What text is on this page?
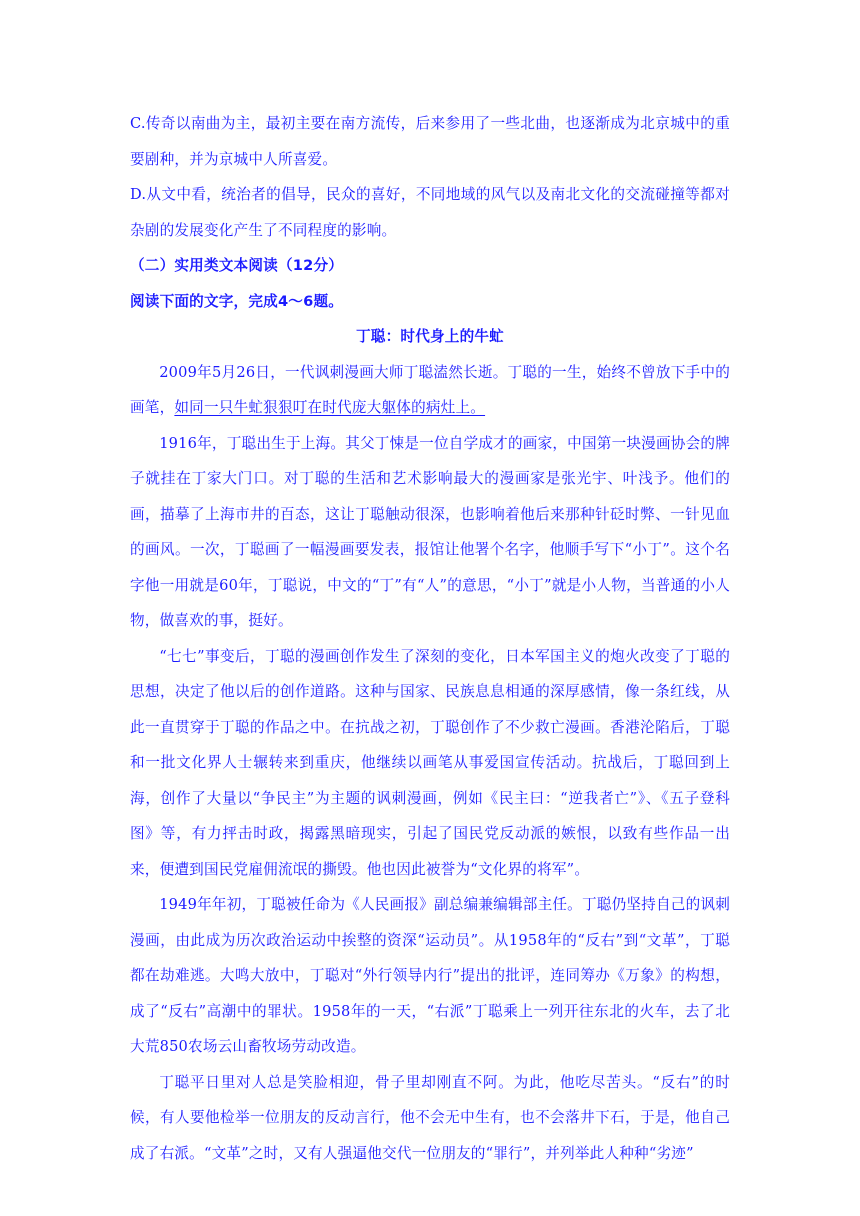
C.传奇以南曲为主，最初主要在南方流传，后来参用了一些北曲，也逐渐成为北京城中的重要剧种，并为京城中人所喜爱。

D.从文中看，统治者的倡导，民众的喜好，不同地域的风气以及南北文化的交流碰撞等都对杂剧的发展变化产生了不同程度的影响。

（二）实用类文本阅读（12分）

阅读下面的文字，完成4～6题。

丁聪：时代身上的牛虻

2009年5月26日，一代讽刺漫画大师丁聪溘然长逝。丁聪的一生，始终不曾放下手中的画笔，如同一只牛虻狠狠叮在时代庞大躯体的病灶上。

1916年，丁聪出生于上海。其父丁悚是一位自学成才的画家，中国第一块漫画协会的牌子就挂在丁家大门口。对丁聪的生活和艺术影响最大的漫画家是张光宇、叶浅予。他们的画，描摹了上海市井的百态，这让丁聪触动很深，也影响着他后来那种针砭时弊、一针见血的画风。一次，丁聪画了一幅漫画要发表，报馆让他署个名字，他顺手写下“小丁”。这个名字他一用就是60年，丁聪说，中文的“丁”有“人”的意思，“小丁”就是小人物，当普通的小人物，做喜欢的事，挺好。

“七七”事变后，丁聪的漫画创作发生了深刻的变化，日本军国主义的炮火改变了丁聪的思想，决定了他以后的创作道路。这种与国家、民族息息相通的深厚感情，像一条红线，从此一直贯穿于丁聪的作品之中。在抗战之初，丁聪创作了不少救亡漫画。香港沦陷后，丁聪和一批文化界人士辗转来到重庆，他继续以画笔从事爱国宣传活动。抗战后，丁聪回到上海，创作了大量以“争民主”为主题的讽刺漫画，例如《民主曰：“逆我者亡”》、《五子登科图》等，有力抨击时政，揭露黑暗现实，引起了国民党反动派的嫉恨，以致有些作品一出来，便遭到国民党雇佣流氓的撕毁。他也因此被誉为“文化界的将军”。

1949年年初，丁聪被任命为《人民画报》副总编兼编辑部主任。丁聪仍坚持自己的讽刺漫画，由此成为历次政治运动中挨整的资深“运动员”。从1958年的“反右”到“文革”，丁聪都在劫难逃。大鸣大放中，丁聪对“外行领导内行”提出的批评，连同筹办《万象》的构想，成了“反右”高潮中的罪状。1958年的一天，“右派”丁聪乘上一列开往东北的火车，去了北大荒850农场云山畜牧场劳动改造。

丁聪平日里对人总是笑脸相迎，骨子里却刚直不阿。为此，他吃尽苦头。“反右”的时候，有人要他检举一位朋友的反动言行，他不会无中生有，也不会落井下石，于是，他自己成了右派。“文革”之时，又有人强逼他交代一位朋友的“罪行”，并列举此人种种“劣迹”
